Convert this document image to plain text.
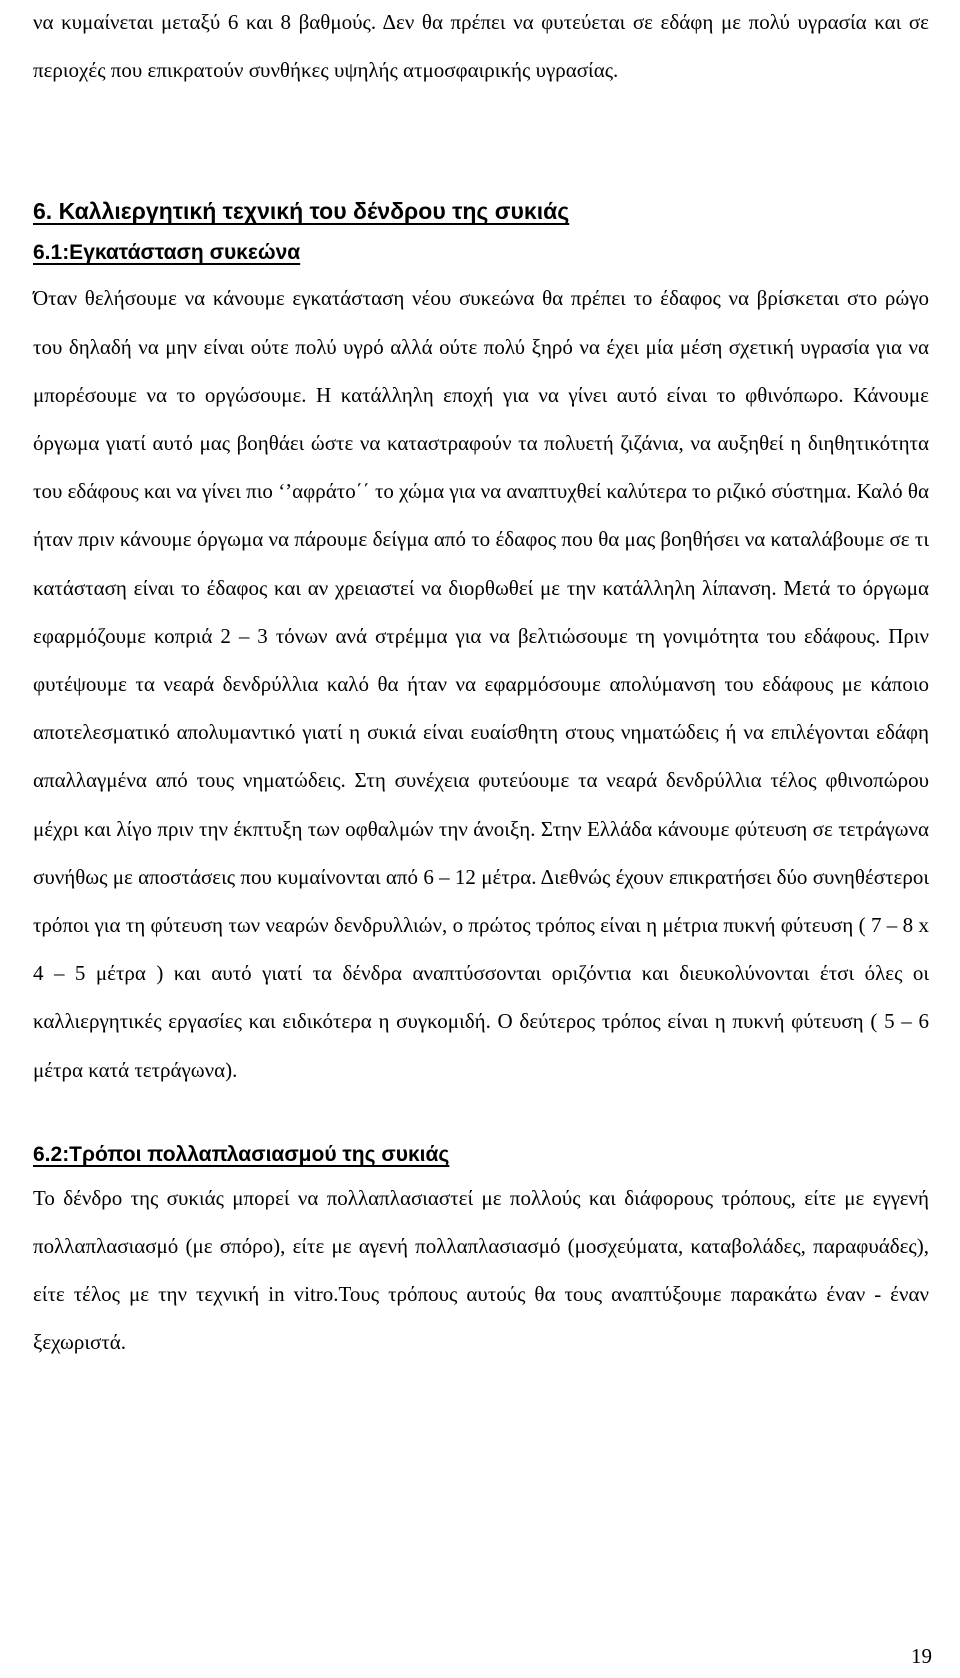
να κυμαίνεται μεταξύ 6 και 8 βαθμούς. Δεν θα πρέπει να φυτεύεται σε εδάφη με πολύ υγρασία και σε περιοχές που επικρατούν συνθήκες υψηλής ατμοσφαιρικής υγρασίας.

6. Καλλιεργητική τεχνική του δένδρου της συκιάς
6.1:Εγκατάσταση συκεώνα

Όταν θελήσουμε να κάνουμε εγκατάσταση νέου συκεώνα θα πρέπει το έδαφος να βρίσκεται στο ρώγο του δηλαδή να μην είναι ούτε πολύ υγρό αλλά ούτε πολύ ξηρό να έχει μία μέση σχετική υγρασία για να μπορέσουμε να το οργώσουμε. Η κατάλληλη εποχή για να γίνει αυτό είναι το φθινόπωρο. Κάνουμε όργωμα γιατί αυτό μας βοηθάει ώστε να καταστραφούν τα πολυετή ζιζάνια, να αυξηθεί η διηθητικότητα του εδάφους και να γίνει πιο ‘’αφράτο΄΄ το χώμα για να αναπτυχθεί καλύτερα το ριζικό σύστημα. Καλό θα ήταν πριν κάνουμε όργωμα να πάρουμε δείγμα από το έδαφος που θα μας βοηθήσει να καταλάβουμε σε τι κατάσταση είναι το έδαφος και αν χρειαστεί να διορθωθεί με την κατάλληλη λίπανση. Μετά το όργωμα εφαρμόζουμε κοπριά 2 – 3 τόνων ανά στρέμμα για να βελτιώσουμε τη γονιμότητα του εδάφους. Πριν φυτέψουμε τα νεαρά δενδρύλλια καλό θα ήταν να εφαρμόσουμε απολύμανση του εδάφους με κάποιο αποτελεσματικό απολυμαντικό γιατί η συκιά είναι ευαίσθητη στους νηματώδεις ή να επιλέγονται εδάφη απαλλαγμένα από τους νηματώδεις. Στη συνέχεια φυτεύουμε τα νεαρά δενδρύλλια τέλος φθινοπώρου μέχρι και λίγο πριν την έκπτυξη των οφθαλμών την άνοιξη. Στην Ελλάδα κάνουμε φύτευση σε τετράγωνα συνήθως με αποστάσεις που κυμαίνονται από 6 – 12 μέτρα. Διεθνώς έχουν επικρατήσει δύο συνηθέστεροι τρόποι για τη φύτευση των νεαρών δενδρυλλιών, ο πρώτος τρόπος είναι η μέτρια πυκνή φύτευση ( 7 – 8 x 4 – 5 μέτρα ) και αυτό γιατί τα δένδρα αναπτύσσονται οριζόντια και διευκολύνονται έτσι όλες οι καλλιεργητικές εργασίες και ειδικότερα η συγκομιδή. Ο δεύτερος τρόπος είναι η πυκνή φύτευση ( 5 – 6 μέτρα κατά τετράγωνα).

6.2:Τρόποι πολλαπλασιασμού της συκιάς

Το δένδρο της συκιάς μπορεί να πολλαπλασιαστεί με πολλούς και διάφορους τρόπους, είτε με εγγενή πολλαπλασιασμό (με σπόρο), είτε με αγενή πολλαπλασιασμό (μοσχεύματα, καταβολάδες, παραφυάδες), είτε τέλος με την τεχνική in vitro.Τους τρόπους αυτούς θα τους αναπτύξουμε παρακάτω έναν - έναν ξεχωριστά.

19
